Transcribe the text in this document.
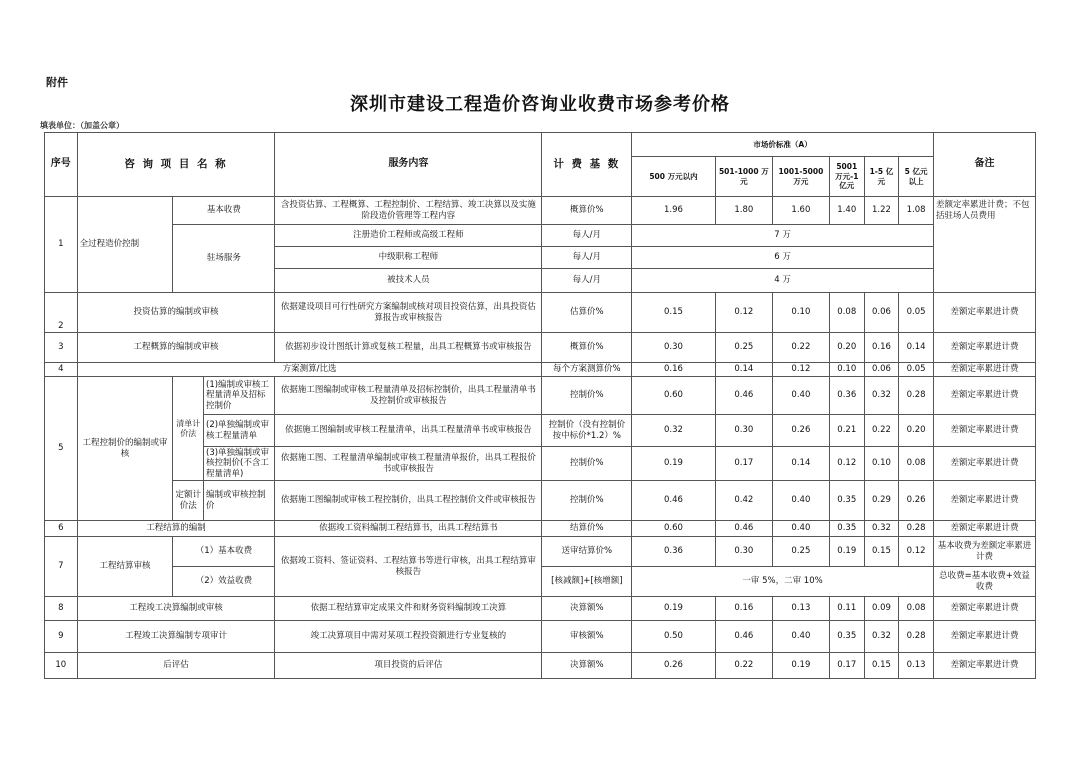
附件
深圳市建设工程造价咨询业收费市场参考价格
填表单位：（加盖公章）
序号	咨 询 项 目 名 称			服务内容	计 费 基 数	市场价标准（A）						备注
						500 万元以内	501-1000 万元	1001-5000 万元	5001 万元-1 亿元	1-5 亿元	5 亿元以上	
1	全过程造价控制	基本收费		含投资估算、工程概算、工程控制价、工程结算、竣工决算以及实施阶段造价管理等工程内容	概算价%	1.96	1.80	1.60	1.40	1.22	1.08	差额定率累进计费；不包括驻场人员费用
		驻场服务		注册造价工程师或高级工程师	每人/月	7 万						
				中级职称工程师	每人/月	6 万						
				被技术人员	每人/月	4 万						
2	投资估算的编制或审核			依据建设项目可行性研究方案编制或核对项目投资估算，出具投资估算报告或审核报告	估算价%	0.15	0.12	0.10	0.08	0.06	0.05	差额定率累进计费
3	工程概算的编制或审核			依据初步设计图纸计算或复核工程量，出具工程概算书或审核报告	概算价%	0.30	0.25	0.22	0.20	0.16	0.14	差额定率累进计费
4	方案测算/比选				每个方案测算价%	0.16	0.14	0.12	0.10	0.06	0.05	差额定率累进计费
5	工程控制价的编制或审核	清单计价法	(1)编制或审核工程量清单及招标控制价	依据施工图编制或审核工程量清单及招标控制价，出具工程量清单书及控制价或审核报告	控制价%	0.60	0.46	0.40	0.36	0.32	0.28	差额定率累进计费
			(2)单独编制或审核工程量清单	依据施工图编制或审核工程量清单，出具工程量清单书或审核报告	控制价（没有控制价按中标价*1.2）%	0.32	0.30	0.26	0.21	0.22	0.20	差额定率累进计费
			(3)单独编制或审核控制价(不含工程量清单)	依据施工图、工程量清单编制或审核工程量清单报价，出具工程报价书或审核报告	控制价%	0.19	0.17	0.14	0.12	0.10	0.08	差额定率累进计费
		定额计价法	编制或审核控制价	依据施工图编制或审核工程控制价，出具工程控制价文件或审核报告	控制价%	0.46	0.42	0.40	0.35	0.29	0.26	差额定率累进计费
6	工程结算的编制			依据竣工资料编制工程结算书，出具工程结算书	结算价%	0.60	0.46	0.40	0.35	0.32	0.28	差额定率累进计费
7	工程结算审核	（1）基本收费		依据竣工资料、签证资料、工程结算书等进行审核，出具工程结算审核报告	送审结算价%	0.36	0.30	0.25	0.19	0.15	0.12	基本收费为差额定率累进计费
		（2）效益收费			[核减额]+[核增额]	一审 5%，二审 10%						总收费=基本收费+效益收费
8	工程竣工决算编制或审核			依据工程结算审定成果文件和财务资料编制竣工决算	决算额%	0.19	0.16	0.13	0.11	0.09	0.08	差额定率累进计费
9	工程竣工决算编制专项审计			竣工决算项目中需对某项工程投资额进行专业复核的	审核额%	0.50	0.46	0.40	0.35	0.32	0.28	差额定率累进计费
10	后评估			项目投资的后评估	决算额%	0.26	0.22	0.19	0.17	0.15	0.13	差额定率累进计费
